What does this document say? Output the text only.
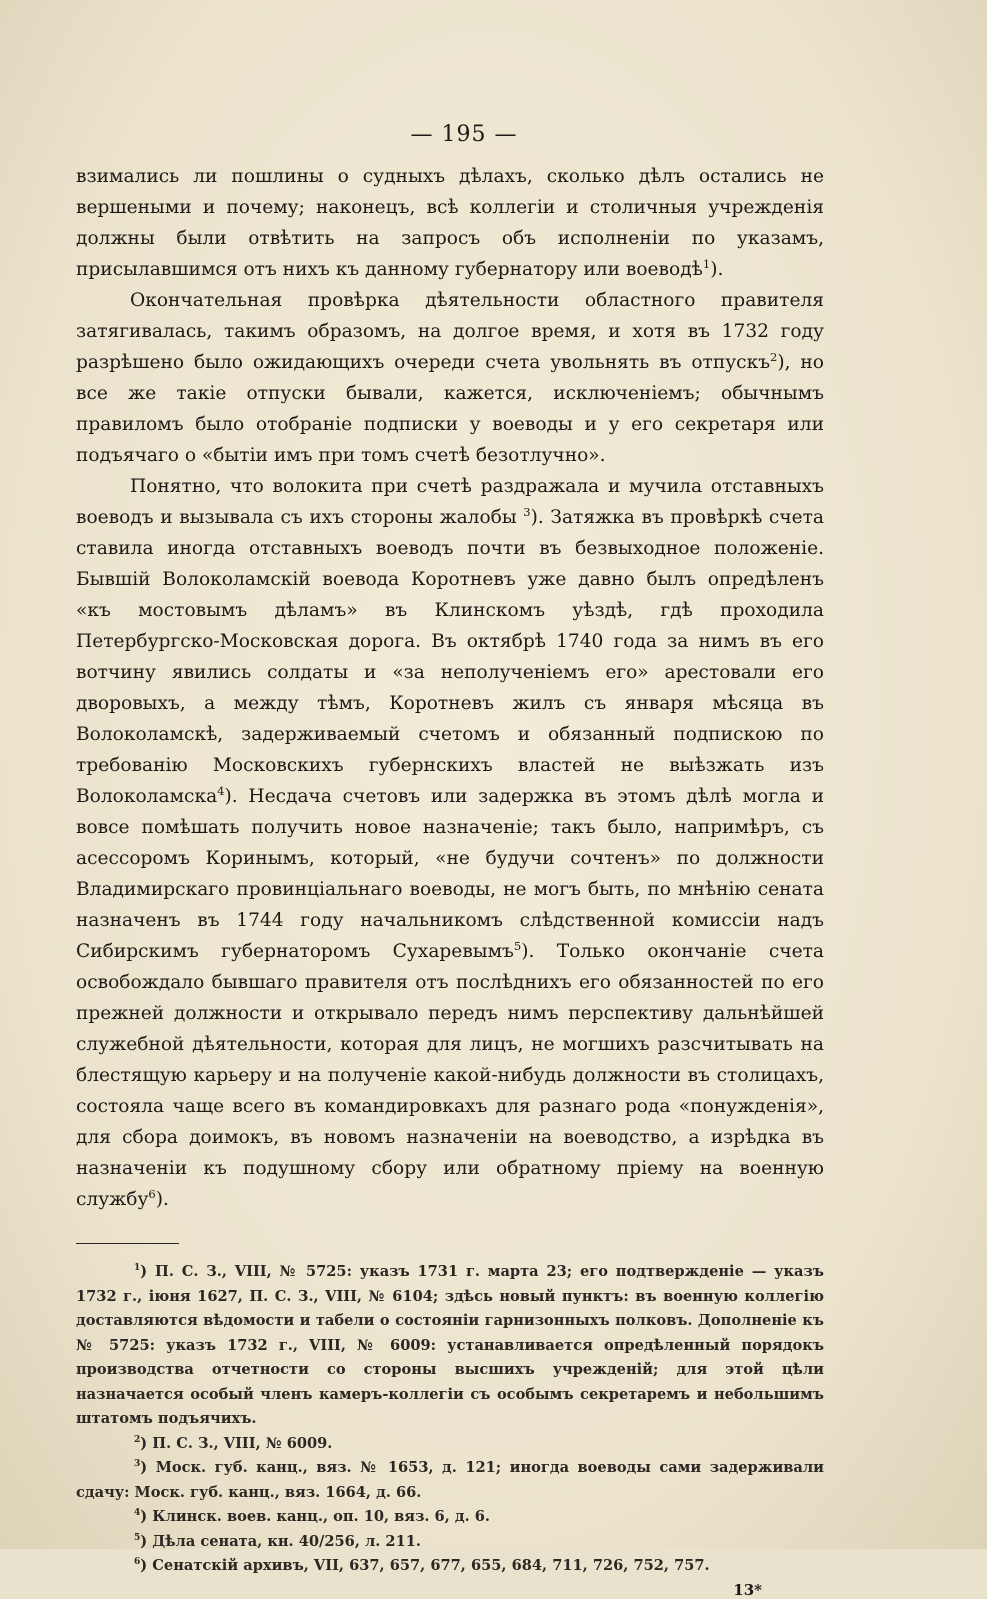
— 195 —

взимались ли пошлины о судныхъ дѣлахъ, сколько дѣлъ остались не вершеными и почему; наконецъ, всѣ коллегіи и столичныя учрежденія должны были отвѣтить на запросъ объ исполненіи по указамъ, присылавшимся отъ нихъ къ данному губернатору или воеводѣ$^1$).

Окончательная провѣрка дѣятельности областного правителя затягивалась, такимъ образомъ, на долгое время, и хотя въ 1732 году разрѣшено было ожидающихъ очереди счета увольнять въ отпускъ$^2$), но все же такіе отпуски бывали, кажется, исключеніемъ; обычнымъ правиломъ было отобраніе подписки у воеводы и у его секретаря или подъячаго о «бытіи имъ при томъ счетѣ безотлучно».

Понятно, что волокита при счетѣ раздражала и мучила отставныхъ воеводъ и вызывала съ ихъ стороны жалобы $^3$). Затяжка въ провѣркѣ счета ставила иногда отставныхъ воеводъ почти въ безвыходное положеніе. Бывшій Волоколамскій воевода Коротневъ уже давно былъ опредѣленъ «къ мостовымъ дѣламъ» въ Клинскомъ уѣздѣ, гдѣ проходила Петербургско-Московская дорога. Въ октябрѣ 1740 года за нимъ въ его вотчину явились солдаты и «за неполученіемъ его» арестовали его дворовыхъ, а между тѣмъ, Коротневъ жилъ съ января мѣсяца въ Волоколамскѣ, задерживаемый счетомъ и обязанный подпискою по требованію Московскихъ губернскихъ властей не выѣзжать изъ Волоколамска$^4$). Несдача счетовъ или задержка въ этомъ дѣлѣ могла и вовсе помѣшать получить новое назначеніе; такъ было, напримѣръ, съ асессоромъ Коринымъ, который, «не будучи сочтенъ» по должности Владимирскаго провинціальнаго воеводы, не могъ быть, по мнѣнію сената назначенъ въ 1744 году начальникомъ слѣдственной комиссіи надъ Сибирскимъ губернаторомъ Сухаревымъ$^5$). Только окончаніе счета освобождало бывшаго правителя отъ послѣднихъ его обязанностей по его прежней должности и открывало передъ нимъ перспективу дальнѣйшей служебной дѣятельности, которая для лицъ, не могшихъ разсчитывать на блестящую карьеру и на полученіе какой-нибудь должности въ столицахъ, состояла чаще всего въ командировкахъ для разнаго рода «понужденія», для сбора доимокъ, въ новомъ назначеніи на воеводство, а изрѣдка въ назначеніи къ подушному сбору или обратному пріему на военную службу$^6$).

$^1$) П. С. З., VIII, № 5725: указъ 1731 г. марта 23; его подтвержденіе — указъ 1732 г., іюня 1627, П. С. З., VIII, № 6104; здѣсь новый пунктъ: въ военную коллегію доставляются вѣдомости и табели о состояніи гарнизонныхъ полковъ. Дополненіе къ № 5725: указъ 1732 г., VIII, № 6009: устанавливается опредѣленный порядокъ производства отчетности со стороны высшихъ учрежденій; для этой цѣли назначается особый членъ камеръ-коллегіи съ особымъ секретаремъ и небольшимъ штатомъ подъячихъ.

$^2$) П. С. З., VIII, № 6009.

$^3$) Моск. губ. канц., вяз. № 1653, д. 121; иногда воеводы сами задерживали сдачу: Моск. губ. канц., вяз. 1664, д. 66.

$^4$) Клинск. воев. канц., оп. 10, вяз. 6, д. 6.

$^5$) Дѣла сената, кн. 40/256, л. 211.

$^6$) Сенатскій архивъ, VII, 637, 657, 677, 655, 684, 711, 726, 752, 757.

13*
